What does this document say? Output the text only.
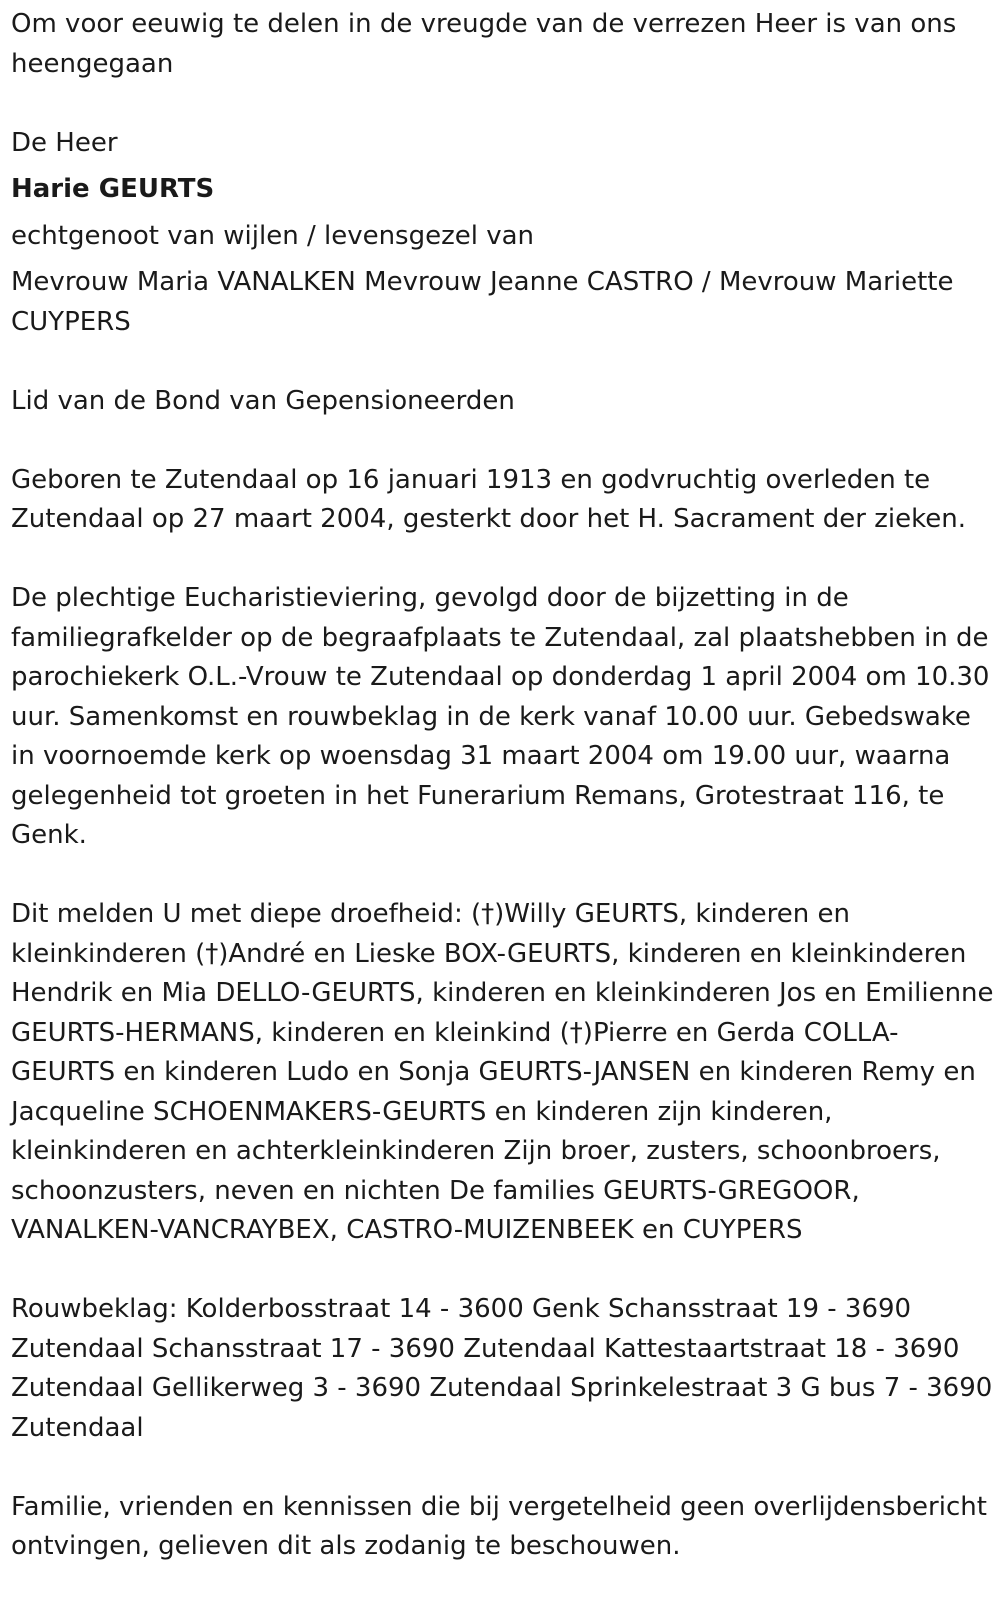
Om voor eeuwig te delen in de vreugde van de verrezen Heer is van ons heengegaan

De Heer

Harie GEURTS

echtgenoot van wijlen / levensgezel van

Mevrouw Maria VANALKEN Mevrouw Jeanne CASTRO / Mevrouw Mariette CUYPERS

Lid van de Bond van Gepensioneerden

Geboren te Zutendaal op 16 januari 1913 en godvruchtig overleden te Zutendaal op 27 maart 2004, gesterkt door het H. Sacrament der zieken.

De plechtige Eucharistieviering, gevolgd door de bijzetting in de familiegrafkelder op de begraafplaats te Zutendaal, zal plaatshebben in de parochiekerk O.L.-Vrouw te Zutendaal op donderdag 1 april 2004 om 10.30 uur. Samenkomst en rouwbeklag in de kerk vanaf 10.00 uur. Gebedswake in voornoemde kerk op woensdag 31 maart 2004 om 19.00 uur, waarna gelegenheid tot groeten in het Funerarium Remans, Grotestraat 116, te Genk.

Dit melden U met diepe droefheid: (†)Willy GEURTS, kinderen en kleinkinderen (†)André en Lieske BOX-GEURTS, kinderen en kleinkinderen Hendrik en Mia DELLO-GEURTS, kinderen en kleinkinderen Jos en Emilienne GEURTS-HERMANS, kinderen en kleinkind (†)Pierre en Gerda COLLA-GEURTS en kinderen Ludo en Sonja GEURTS-JANSEN en kinderen Remy en Jacqueline SCHOENMAKERS-GEURTS en kinderen zijn kinderen, kleinkinderen en achterkleinkinderen Zijn broer, zusters, schoonbroers, schoonzusters, neven en nichten De families GEURTS-GREGOOR, VANALKEN-VANCRAYBEX, CASTRO-MUIZENBEEK en CUYPERS

Rouwbeklag: Kolderbosstraat 14 - 3600 Genk Schansstraat 19 - 3690 Zutendaal Schansstraat 17 - 3690 Zutendaal Kattestaartstraat 18 - 3690 Zutendaal Gellikerweg 3 - 3690 Zutendaal Sprinkelestraat 3 G bus 7 - 3690 Zutendaal

Familie, vrienden en kennissen die bij vergetelheid geen overlijdensbericht ontvingen, gelieven dit als zodanig te beschouwen.
